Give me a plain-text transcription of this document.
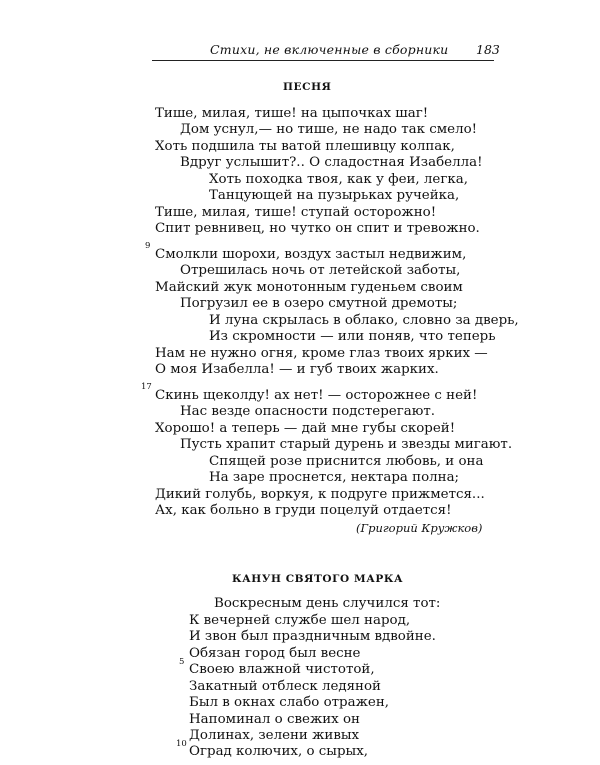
Стихи, не включенные в сборники 183
ПЕСНЯ
Тише, милая, тише! на цыпочках шаг!
Дом уснул,— но тише, не надо так смело!
Хоть подшила ты ватой плешивцу колпак,
Вдруг услышит?.. О сладостная Изабелла!
Хоть походка твоя, как у феи, легка,
Танцующей на пузырьках ручейка,
Тише, милая, тише! ступай осторожно!
Спит ревнивец, но чутко он спит и тревожно.
9
Смолкли шорохи, воздух застыл недвижим,
Отрешилась ночь от летейской заботы,
Майский жук монотонным гуденьем своим
Погрузил ее в озеро смутной дремоты;
И луна скрылась в облако, словно за дверь,
Из скромности — или поняв, что теперь
Нам не нужно огня, кроме глаз твоих ярких —
О моя Изабелла! — и губ твоих жарких.
17
Скинь щеколду! ах нет! — осторожнее с ней!
Нас везде опасности подстерегают.
Хорошо! а теперь — дай мне губы скорей!
Пусть храпит старый дурень и звезды мигают.
Спящей розе приснится любовь, и она
На заре проснется, нектара полна;
Дикий голубь, воркуя, к подруге прижмется...
Ах, как больно в груди поцелуй отдается!
(Григорий Кружков)
КАНУН СВЯТОГО МАРКА
Воскресным день случился тот:
К вечерней службе шел народ,
И звон был праздничным вдвойне.
Обязан город был весне
5 Своею влажной чистотой,
Закатный отблеск ледяной
Был в окнах слабо отражен,
Напоминал о свежих он
Долинах, зелени живых
10 Оград колючих, о сырых,
